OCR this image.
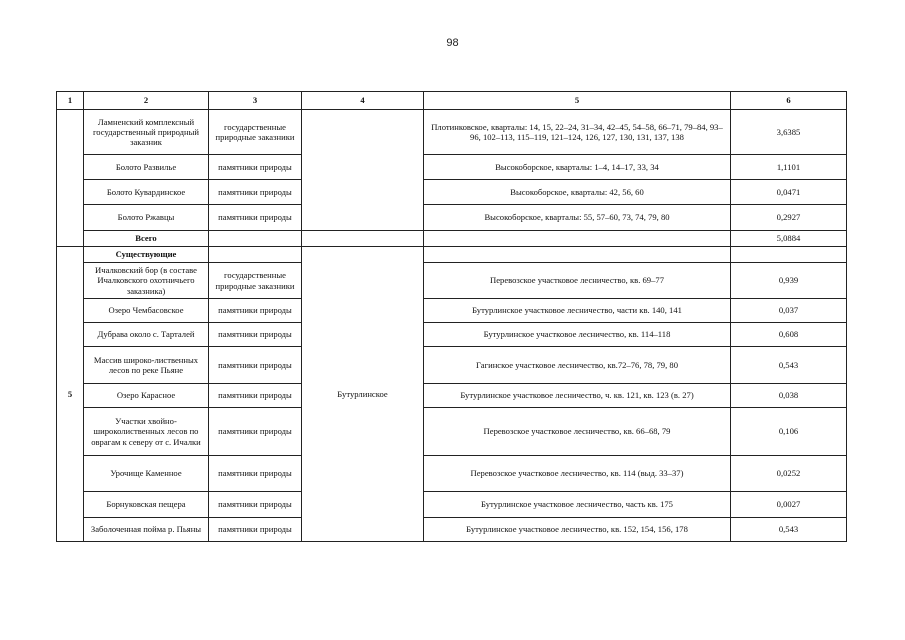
98
1	2	3	4	5	6
	Ламненский комплексный государственный природный заказник	государственные природные заказники		Плотинковское, кварталы: 14, 15, 22–24, 31–34, 42–45, 54–58, 66–71, 79–84, 93–96, 102–113, 115–119, 121–124, 126, 127, 130, 131, 137, 138	3,6385
	Болото Развилье	памятники природы		Высокоборское, кварталы: 1–4, 14–17, 33, 34	1,1101
	Болото Кувардинское	памятники природы		Высокоборское, кварталы: 42, 56, 60	0,0471
	Болото Ржавцы	памятники природы		Высокоборское, кварталы: 55, 57–60, 73, 74, 79, 80	0,2927
	Всего				5,0884
5	Существующие		Бутурлинское		
	Ичалковский бор (в составе Ичалковского охотничьего заказника)	государственные природные заказники		Перевозское участковое лесничество, кв. 69–77	0,939
	Озеро Чембасовское	памятники природы		Бутурлинское участковое лесничество, части кв. 140, 141	0,037
	Дубрава около с. Тарталей	памятники природы		Бутурлинское участковое лесничество, кв. 114–118	0,608
	Массив широко-лиственных лесов по реке Пьяне	памятники природы		Гагинское участковое лесничество, кв.72–76, 78, 79, 80	0,543
	Озеро Карасное	памятники природы		Бутурлинское участковое лесничество, ч. кв. 121, кв. 123 (в. 27)	0,038
	Участки хвойно-широколиственных лесов по оврагам к северу от с. Ичалки	памятники природы		Перевозское участковое лесничество, кв. 66–68, 79	0,106
	Урочище Каменное	памятники природы		Перевозское участковое лесничество, кв. 114 (выд. 33–37)	0,0252
	Борнуковская пещера	памятники природы		Бутурлинское участковое лесничество, часть кв. 175	0,0027
	Заболоченная пойма р. Пьяны	памятники природы		Бутурлинское участковое лесничество, кв. 152, 154, 156, 178	0,543
